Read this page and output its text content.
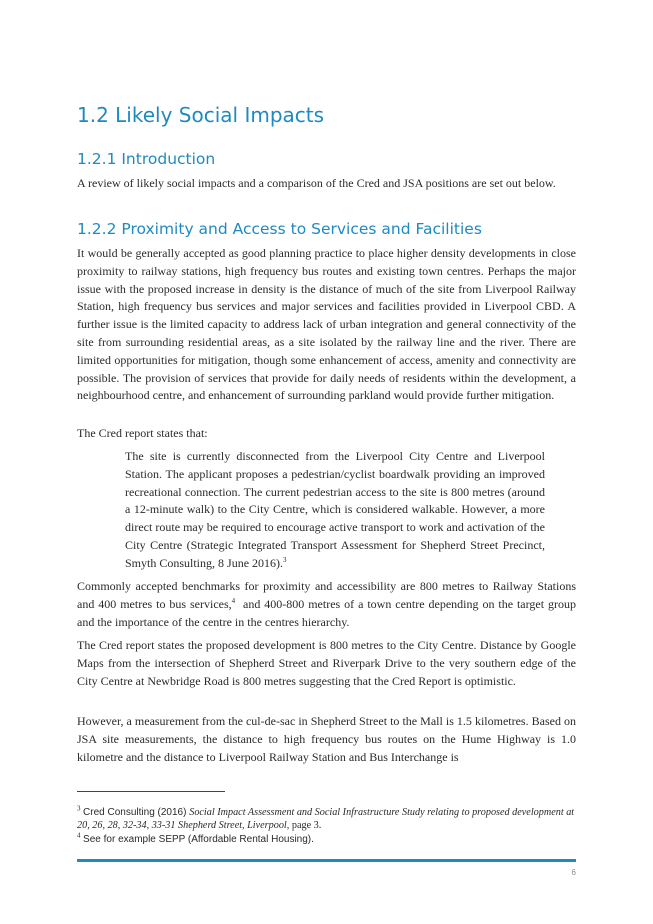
1.2 Likely Social Impacts
1.2.1 Introduction

A review of likely social impacts and a comparison of the Cred and JSA positions are set out below.

1.2.2 Proximity and Access to Services and Facilities

It would be generally accepted as good planning practice to place higher density developments in close proximity to railway stations, high frequency bus routes and existing town centres. Perhaps the major issue with the proposed increase in density is the distance of much of the site from Liverpool Railway Station, high frequency bus services and major services and facilities provided in Liverpool CBD. A further issue is the limited capacity to address lack of urban integration and general connectivity of the site from surrounding residential areas, as a site isolated by the railway line and the river. There are limited opportunities for mitigation, though some enhancement of access, amenity and connectivity are possible. The provision of services that provide for daily needs of residents within the development, a neighbourhood centre, and enhancement of surrounding parkland would provide further mitigation.

The Cred report states that:

The site is currently disconnected from the Liverpool City Centre and Liverpool Station. The applicant proposes a pedestrian/cyclist boardwalk providing an improved recreational connection. The current pedestrian access to the site is 800 metres (around a 12-minute walk) to the City Centre, which is considered walkable. However, a more direct route may be required to encourage active transport to work and activation of the City Centre (Strategic Integrated Transport Assessment for Shepherd Street Precinct, Smyth Consulting, 8 June 2016).$^3$

Commonly accepted benchmarks for proximity and accessibility are 800 metres to Railway Stations and 400 metres to bus services,$^4$  and 400-800 metres of a town centre depending on the target group and the importance of the centre in the centres hierarchy.

The Cred report states the proposed development is 800 metres to the City Centre. Distance by Google Maps from the intersection of Shepherd Street and Riverpark Drive to the very southern edge of the City Centre at Newbridge Road is 800 metres suggesting that the Cred Report is optimistic.

However, a measurement from the cul-de-sac in Shepherd Street to the Mall is 1.5 kilometres. Based on JSA site measurements, the distance to high frequency bus routes on the Hume Highway is 1.0 kilometre and the distance to Liverpool Railway Station and Bus Interchange is

$^3$ Cred Consulting (2016) Social Impact Assessment and Social Infrastructure Study relating to proposed development at 20, 26, 28, 32-34, 33-31 Shepherd Street, Liverpool, page 3.
$^4$ See for example SEPP (Affordable Rental Housing).
6
